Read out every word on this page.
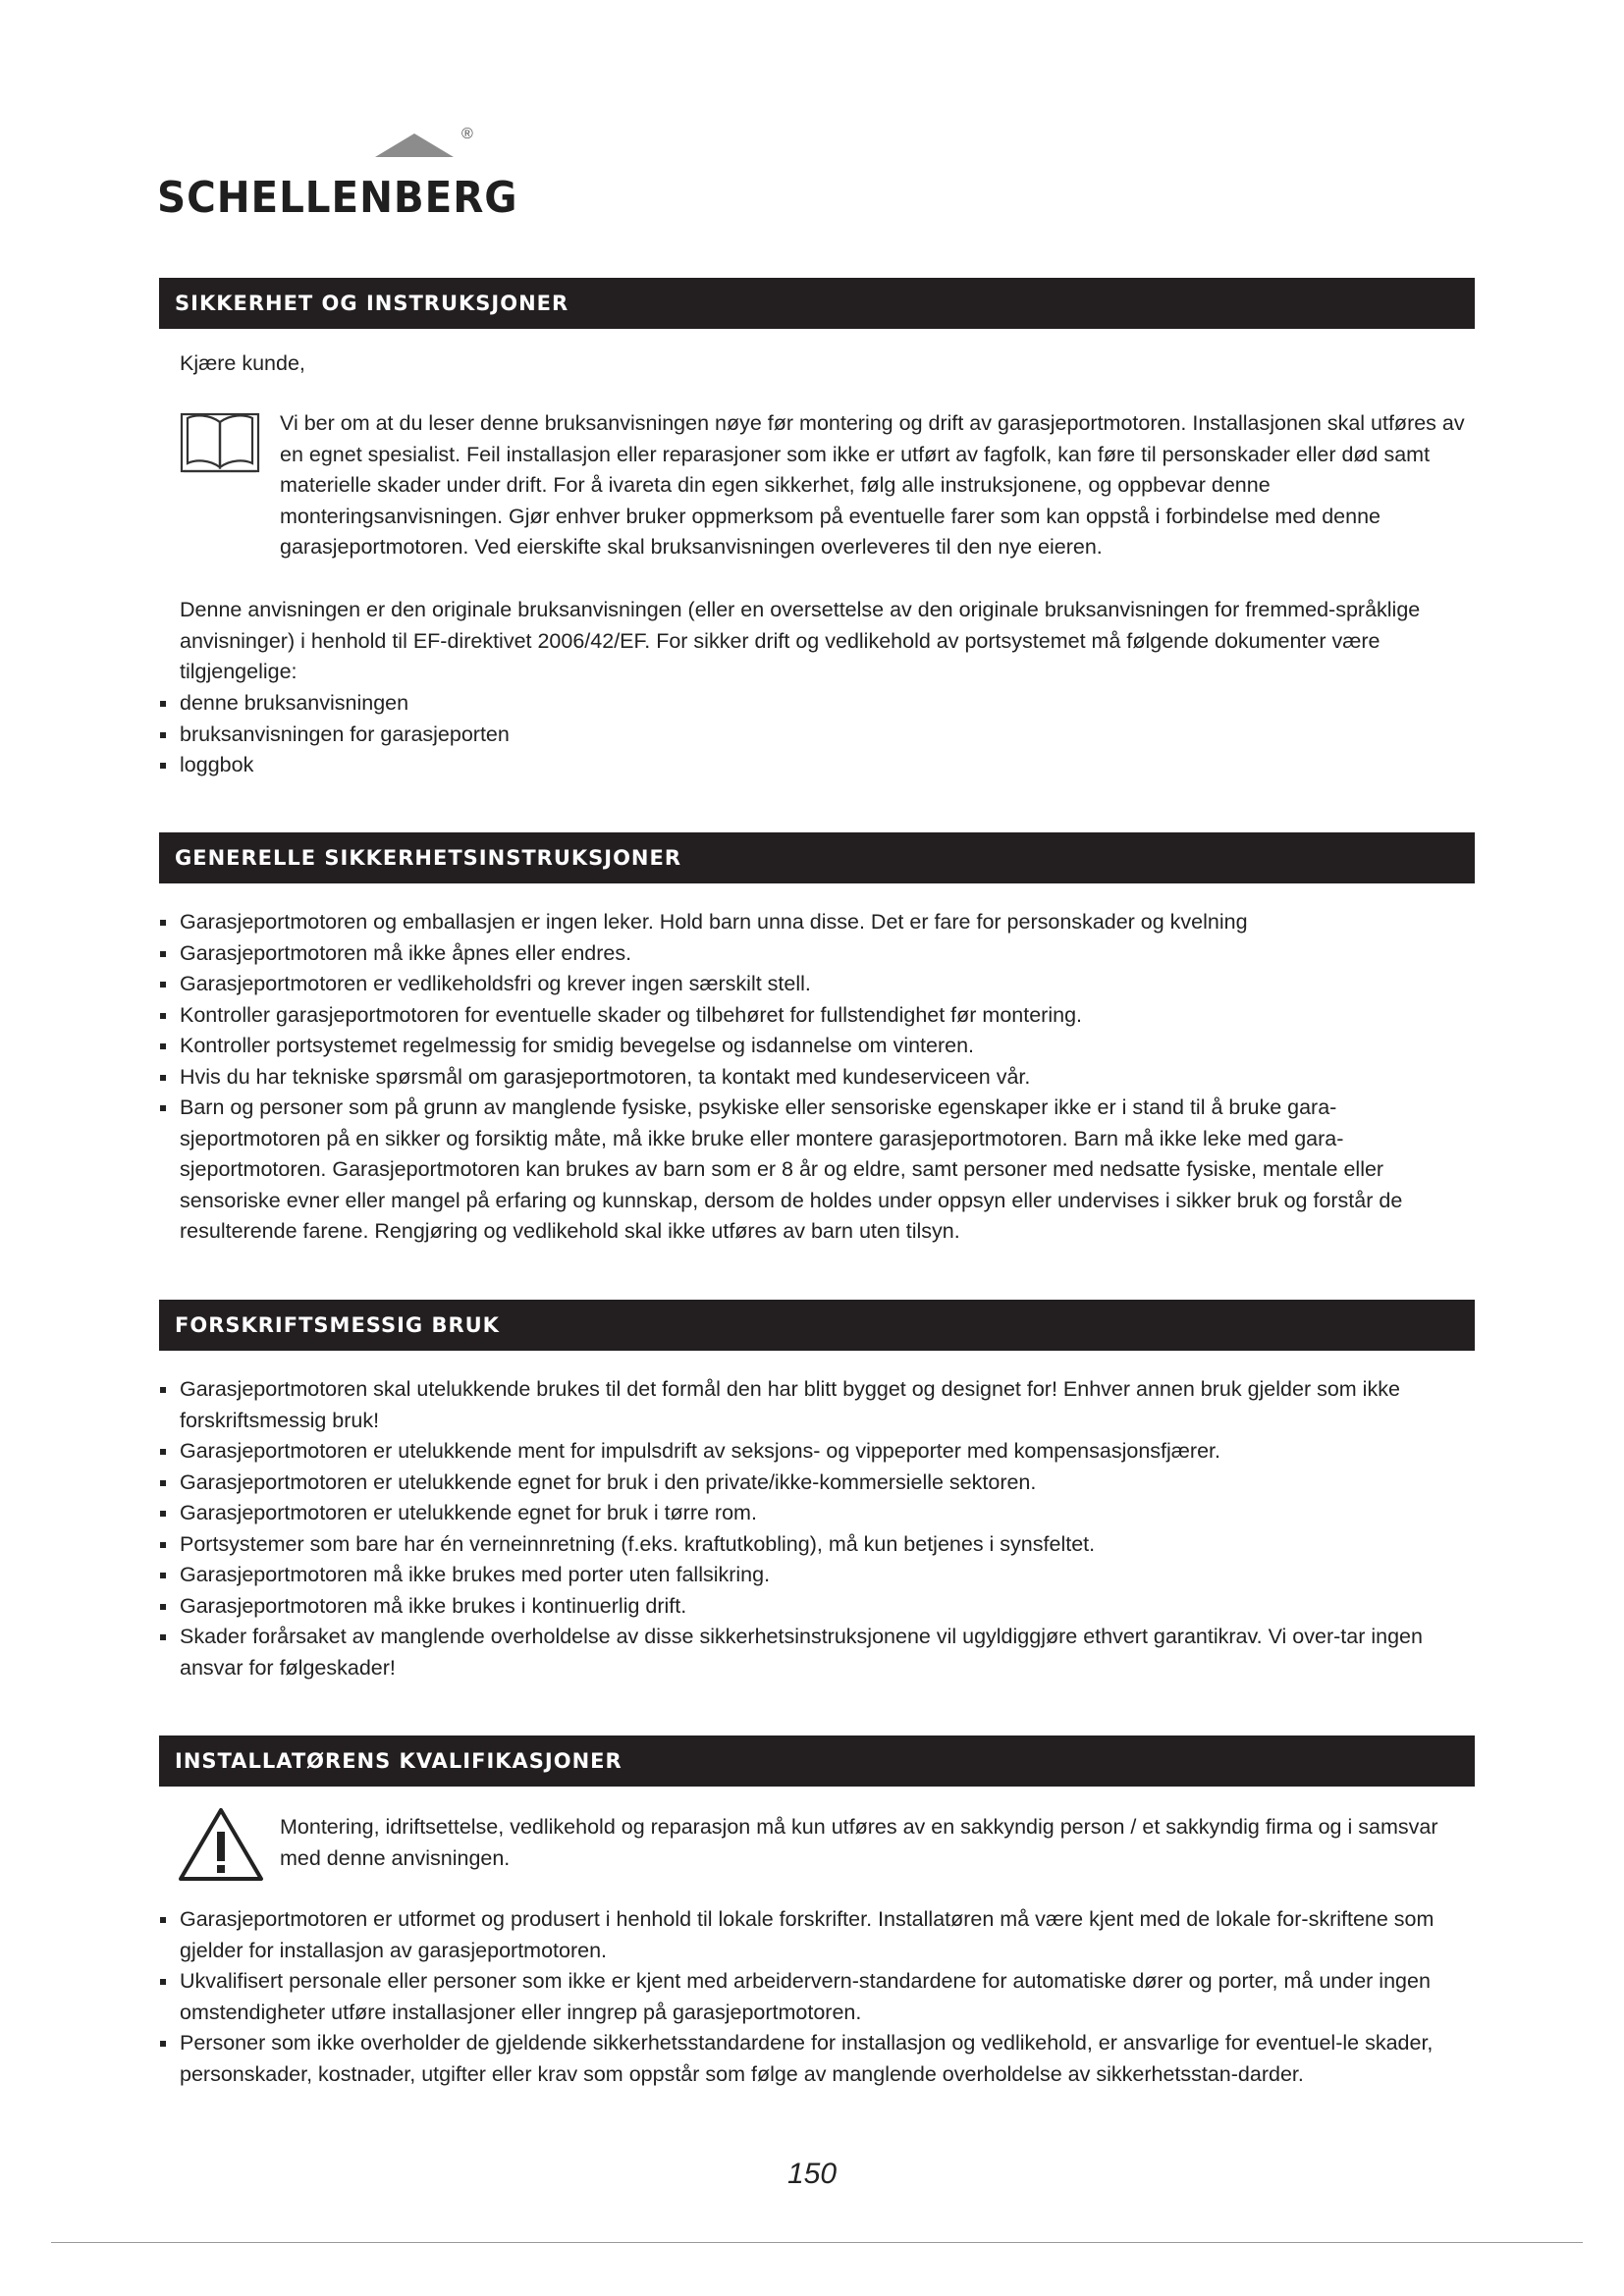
®
SCHELLENBERG
SIKKERHET OG INSTRUKSJONER
Kjære kunde,
Vi ber om at du leser denne bruksanvisningen nøye før montering og drift av garasjeportmotoren. Installasjonen skal utføres av en egnet spesialist. Feil installasjon eller reparasjoner som ikke er utført av fagfolk, kan føre til personskader eller død samt materielle skader under drift. For å ivareta din egen sikkerhet, følg alle instruksjonene, og oppbevar denne monteringsanvisningen. Gjør enhver bruker oppmerksom på eventuelle farer som kan oppstå i forbindelse med denne garasjeportmotoren. Ved eierskifte skal bruksanvisningen overleveres til den nye eieren.
Denne anvisningen er den originale bruksanvisningen (eller en oversettelse av den originale bruksanvisningen for fremmed-språklige anvisninger) i henhold til EF-direktivet 2006/42/EF. For sikker drift og vedlikehold av portsystemet må følgende dokumenter være tilgjengelige:
denne bruksanvisningen
bruksanvisningen for garasjeporten
loggbok
GENERELLE SIKKERHETSINSTRUKSJONER
Garasjeportmotoren og emballasjen er ingen leker. Hold barn unna disse. Det er fare for personskader og kvelning
Garasjeportmotoren må ikke åpnes eller endres.
Garasjeportmotoren er vedlikeholdsfri og krever ingen særskilt stell.
Kontroller garasjeportmotoren for eventuelle skader og tilbehøret for fullstendighet før montering.
Kontroller portsystemet regelmessig for smidig bevegelse og isdannelse om vinteren.
Hvis du har tekniske spørsmål om garasjeportmotoren, ta kontakt med kundeserviceen vår.
Barn og personer som på grunn av manglende fysiske, psykiske eller sensoriske egenskaper ikke er i stand til å bruke gara-sjeportmotoren på en sikker og forsiktig måte, må ikke bruke eller montere garasjeportmotoren. Barn må ikke leke med gara-sjeportmotoren. Garasjeportmotoren kan brukes av barn som er 8 år og eldre, samt personer med nedsatte fysiske, mentale eller sensoriske evner eller mangel på erfaring og kunnskap, dersom de holdes under oppsyn eller undervises i sikker bruk og forstår de resulterende farene. Rengjøring og vedlikehold skal ikke utføres av barn uten tilsyn.
FORSKRIFTSMESSIG BRUK
Garasjeportmotoren skal utelukkende brukes til det formål den har blitt bygget og designet for! Enhver annen bruk gjelder som ikke forskriftsmessig bruk!
Garasjeportmotoren er utelukkende ment for impulsdrift av seksjons- og vippeporter med kompensasjonsfjærer.
Garasjeportmotoren er utelukkende egnet for bruk i den private/ikke-kommersielle sektoren.
Garasjeportmotoren er utelukkende egnet for bruk i tørre rom.
Portsystemer som bare har én verneinnretning (f.eks. kraftutkobling), må kun betjenes i synsfeltet.
Garasjeportmotoren må ikke brukes med porter uten fallsikring.
Garasjeportmotoren må ikke brukes i kontinuerlig drift.
Skader forårsaket av manglende overholdelse av disse sikkerhetsinstruksjonene vil ugyldiggjøre ethvert garantikrav. Vi over-tar ingen ansvar for følgeskader!
INSTALLATØRENS KVALIFIKASJONER
Montering, idriftsettelse, vedlikehold og reparasjon må kun utføres av en sakkyndig person / et sakkyndig firma og i samsvar med denne anvisningen.
Garasjeportmotoren er utformet og produsert i henhold til lokale forskrifter. Installatøren må være kjent med de lokale for-skriftene som gjelder for installasjon av garasjeportmotoren.
Ukvalifisert personale eller personer som ikke er kjent med arbeidervern-standardene for automatiske dører og porter, må under ingen omstendigheter utføre installasjoner eller inngrep på garasjeportmotoren.
Personer som ikke overholder de gjeldende sikkerhetsstandardene for installasjon og vedlikehold, er ansvarlige for eventuel-le skader, personskader, kostnader, utgifter eller krav som oppstår som følge av manglende overholdelse av sikkerhetsstan-darder.
150
